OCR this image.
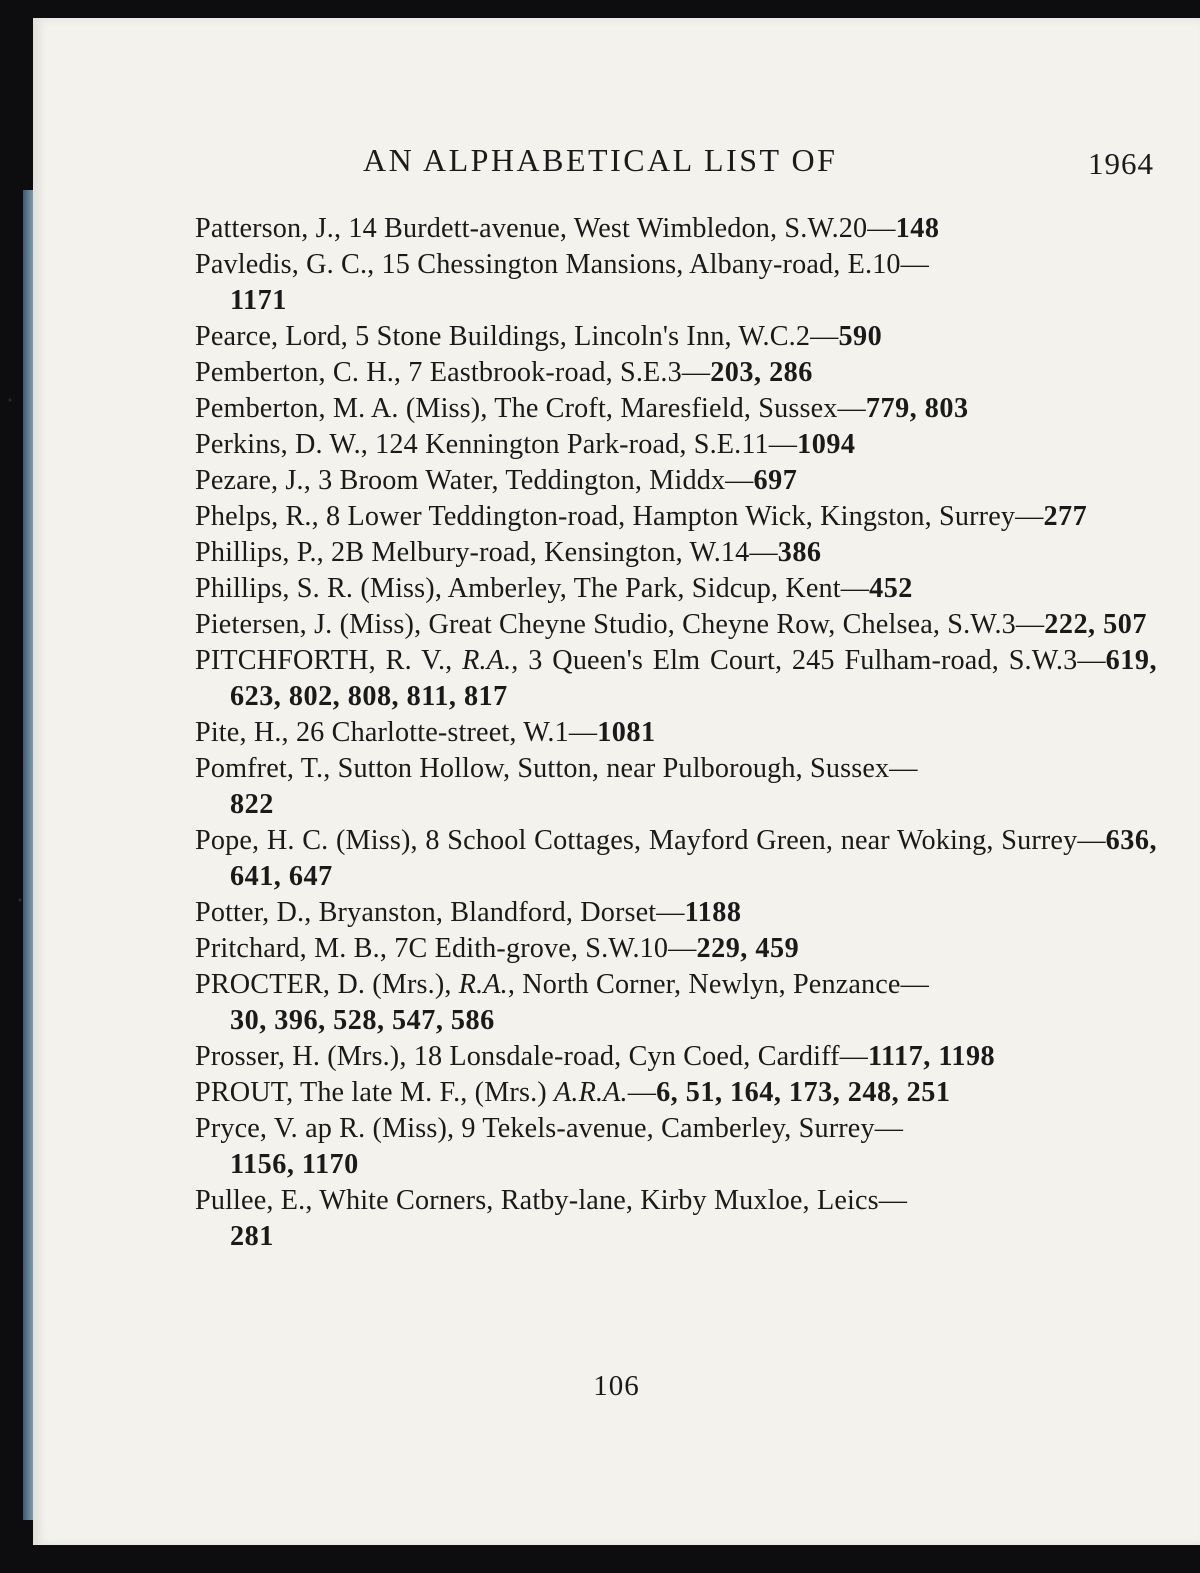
AN ALPHABETICAL LIST OF	1964
Patterson, J., 14 Burdett-avenue, West Wimbledon, S.W.20—148
Pavledis, G. C., 15 Chessington Mansions, Albany-road, E.10—
1171
Pearce, Lord, 5 Stone Buildings, Lincoln's Inn, W.C.2—590
Pemberton, C. H., 7 Eastbrook-road, S.E.3—203, 286
Pemberton, M. A. (Miss), The Croft, Maresfield, Sussex—779, 803
Perkins, D. W., 124 Kennington Park-road, S.E.11—1094
Pezare, J., 3 Broom Water, Teddington, Middx—697
Phelps, R., 8 Lower Teddington-road, Hampton Wick, Kingston, Surrey—277
Phillips, P., 2B Melbury-road, Kensington, W.14—386
Phillips, S. R. (Miss), Amberley, The Park, Sidcup, Kent—452
Pietersen, J. (Miss), Great Cheyne Studio, Cheyne Row, Chelsea, S.W.3—222, 507
PITCHFORTH, R. V., R.A., 3 Queen's Elm Court, 245 Fulham-road, S.W.3—619, 623, 802, 808, 811, 817
Pite, H., 26 Charlotte-street, W.1—1081
Pomfret, T., Sutton Hollow, Sutton, near Pulborough, Sussex—
822
Pope, H. C. (Miss), 8 School Cottages, Mayford Green, near Woking, Surrey—636, 641, 647
Potter, D., Bryanston, Blandford, Dorset—1188
Pritchard, M. B., 7C Edith-grove, S.W.10—229, 459
PROCTER, D. (Mrs.), R.A., North Corner, Newlyn, Penzance—
30, 396, 528, 547, 586
Prosser, H. (Mrs.), 18 Lonsdale-road, Cyn Coed, Cardiff—1117, 1198
PROUT, The late M. F., (Mrs.) A.R.A.—6, 51, 164, 173, 248, 251
Pryce, V. ap R. (Miss), 9 Tekels-avenue, Camberley, Surrey—
1156, 1170
Pullee, E., White Corners, Ratby-lane, Kirby Muxloe, Leics—
281
106
